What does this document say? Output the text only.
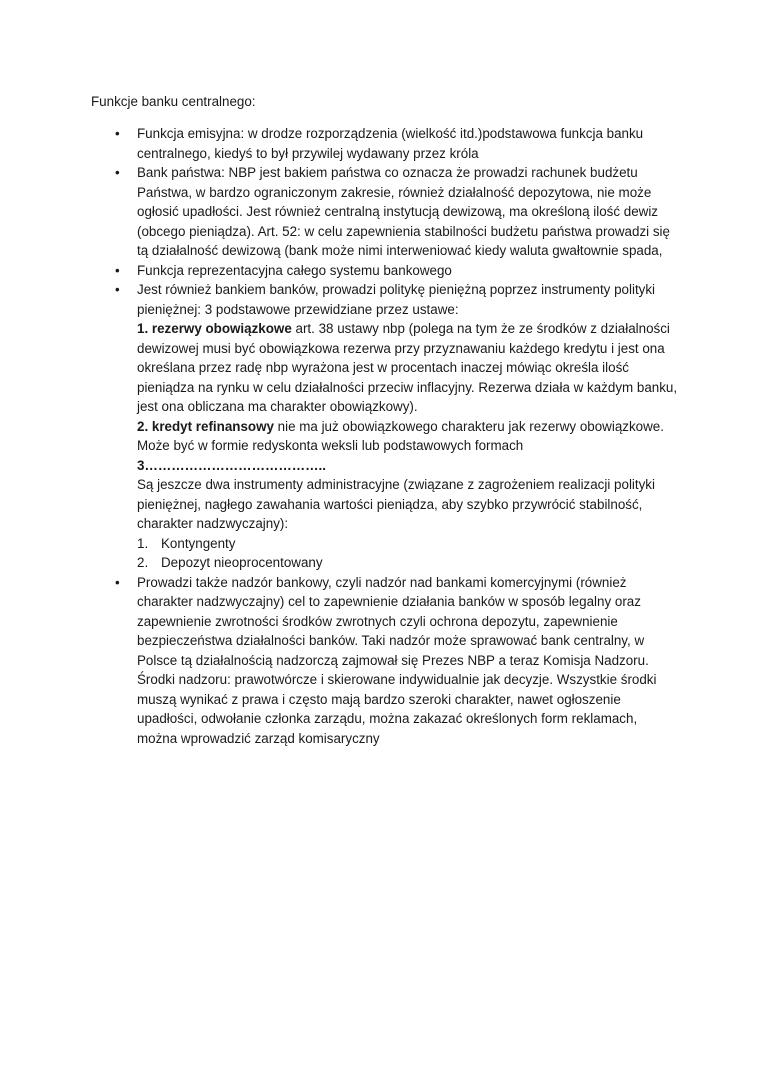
Funkcje banku centralnego:

• Funkcja emisyjna: w drodze rozporządzenia (wielkość itd.)podstawowa funkcja banku centralnego, kiedyś to był przywilej wydawany przez króla

• Bank państwa: NBP jest bakiem państwa co oznacza że prowadzi rachunek budżetu Państwa, w bardzo ograniczonym zakresie, również działalność depozytowa, nie może ogłosić upadłości. Jest również centralną instytucją dewizową, ma określoną ilość dewiz (obcego pieniądza). Art. 52: w celu zapewnienia stabilności budżetu państwa prowadzi się tą działalność dewizową (bank może nimi interweniować kiedy waluta gwałtownie spada,

• Funkcja reprezentacyjna całego systemu bankowego

• Jest również bankiem banków, prowadzi politykę pieniężną poprzez instrumenty polityki pieniężnej: 3 podstawowe przewidziane przez ustawe:

1. rezerwy obowiązkowe art. 38 ustawy nbp (polega na tym że ze środków z działalności dewizowej musi być obowiązkowa rezerwa przy przyznawaniu każdego kredytu i jest ona określana przez radę nbp wyrażona jest w procentach inaczej mówiąc określa ilość pieniądza na rynku w celu działalności przeciw inflacyjny. Rezerwa działa w każdym banku, jest ona obliczana ma charakter obowiązkowy).

2. kredyt refinansowy nie ma już obowiązkowego charakteru jak rezerwy obowiązkowe. Może być w formie redyskonta weksli lub podstawowych formach

3…………………………………..

Są jeszcze dwa instrumenty administracyjne (związane z zagrożeniem realizacji polityki pieniężnej, nagłego zawahania wartości pieniądza, aby szybko przywrócić stabilność, charakter nadzwyczajny):

1. Kontyngenty
2. Depozyt nieoprocentowany
• Prowadzi także nadzór bankowy, czyli nadzór nad bankami komercyjnymi (również charakter nadzwyczajny) cel to zapewnienie działania banków w sposób legalny oraz zapewnienie zwrotności środków zwrotnych czyli ochrona depozytu, zapewnienie bezpieczeństwa działalności banków. Taki nadzór może sprawować bank centralny, w Polsce tą działalnością nadzorczą zajmował się Prezes NBP a teraz Komisja Nadzoru.

Środki nadzoru: prawotwórcze i skierowane indywidualnie jak decyzje. Wszystkie środki muszą wynikać z prawa i często mają bardzo szeroki charakter, nawet ogłoszenie upadłości, odwołanie członka zarządu, można zakazać określonych form reklamach, można wprowadzić zarząd komisaryczny
